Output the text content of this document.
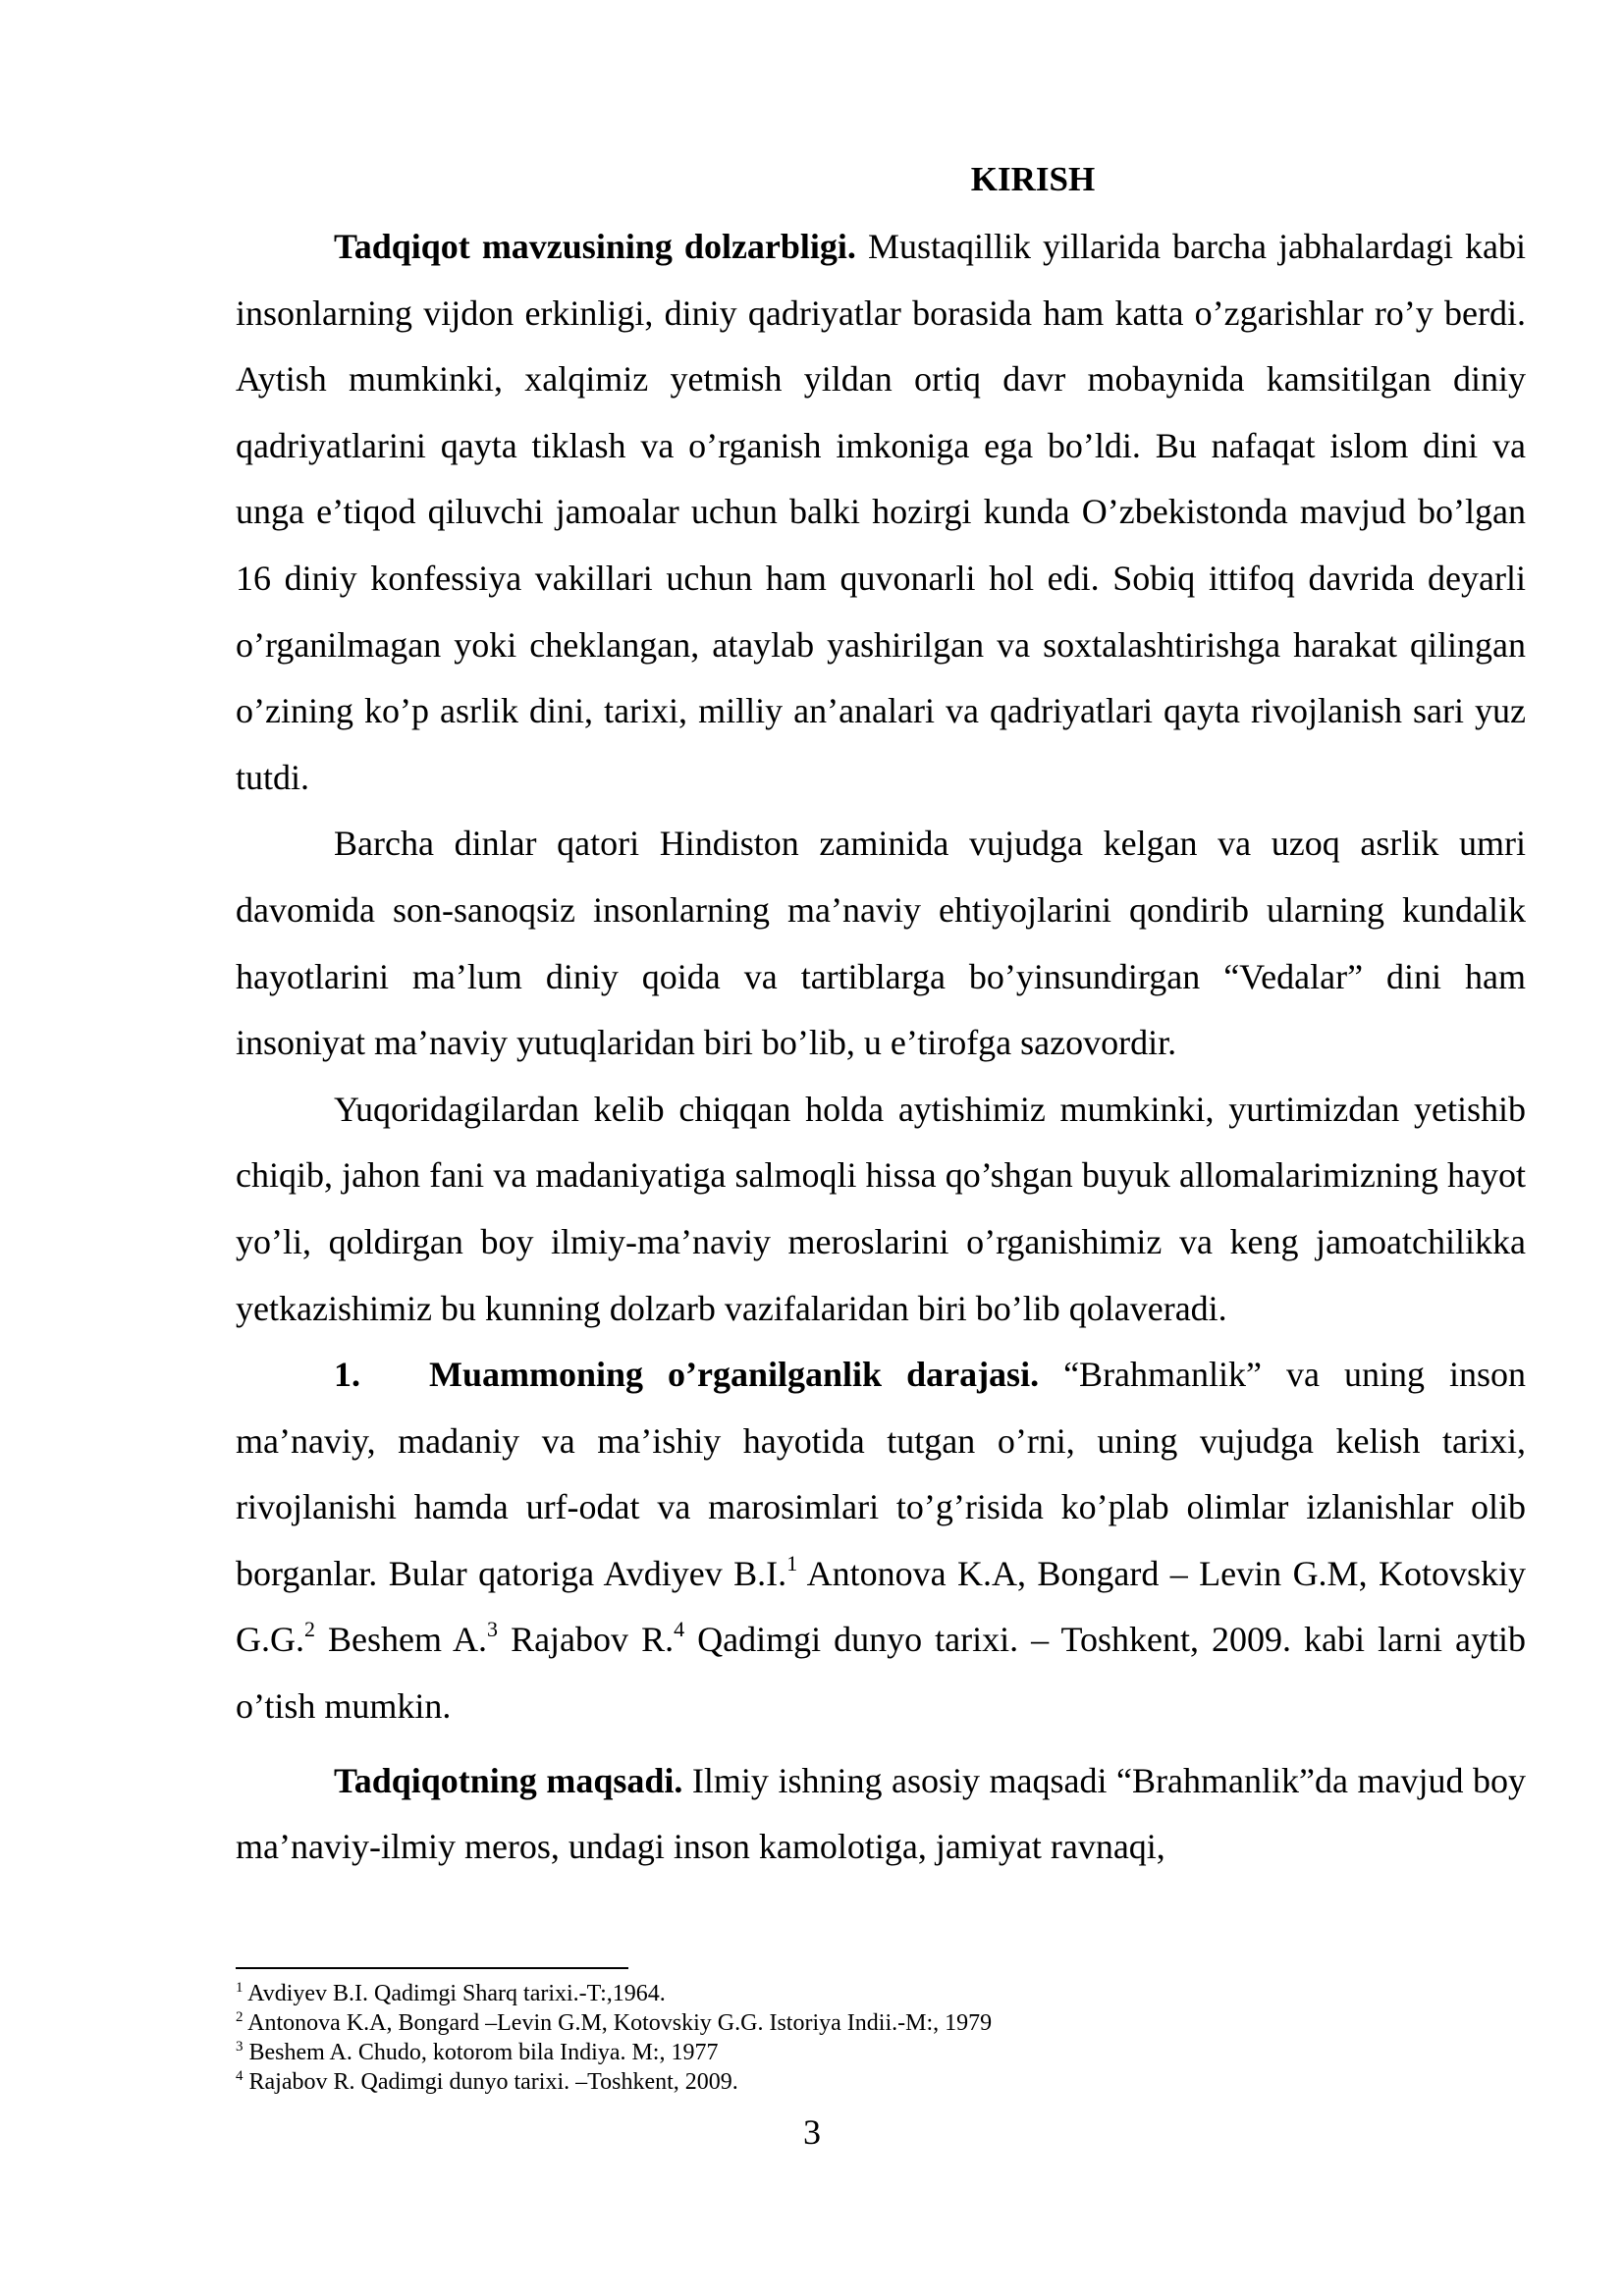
KIRISH

Tadqiqot mavzusining dolzarbligi. Mustaqillik yillarida barcha jabhalardagi kabi insonlarning vijdon erkinligi, diniy qadriyatlar borasida ham katta o’zgarishlar ro’y berdi. Aytish mumkinki, xalqimiz yetmish yildan ortiq davr mobaynida kamsitilgan diniy qadriyatlarini qayta tiklash va o’rganish imkoniga ega bo’ldi. Bu nafaqat islom dini va unga e’tiqod qiluvchi jamoalar uchun balki hozirgi kunda O’zbekistonda mavjud bo’lgan 16 diniy konfessiya vakillari uchun ham quvonarli hol edi. Sobiq ittifoq davrida deyarli o’rganilmagan yoki cheklangan, ataylab yashirilgan va soxtalashtirishga harakat qilingan o’zining ko’p asrlik dini, tarixi, milliy an’analari va qadriyatlari qayta rivojlanish sari yuz tutdi.

Barcha dinlar qatori Hindiston zaminida vujudga kelgan va uzoq asrlik umri davomida son-sanoqsiz insonlarning ma’naviy ehtiyojlarini qondirib ularning kundalik hayotlarini ma’lum diniy qoida va tartiblarga bo’yinsundirgan “Vedalar” dini ham insoniyat ma’naviy yutuqlaridan biri bo’lib, u e’tirofga sazovordir.

Yuqoridagilardan kelib chiqqan holda aytishimiz mumkinki, yurtimizdan yetishib chiqib, jahon fani va madaniyatiga salmoqli hissa qo’shgan buyuk allomalarimizning hayot yo’li, qoldirgan boy ilmiy-ma’naviy meroslarini o’rganishimiz va keng jamoatchilikka yetkazishimiz bu kunning dolzarb vazifalaridan biri bo’lib qolaveradi.

1. Muammoning o’rganilganlik darajasi. “Brahmanlik” va uning inson ma’naviy, madaniy va ma’ishiy hayotida tutgan o’rni, uning vujudga kelish tarixi, rivojlanishi hamda urf-odat va marosimlari to’g’risida ko’plab olimlar izlanishlar olib borganlar. Bular qatoriga Avdiyev B.I.$^1$ Antonova K.A, Bongard – Levin G.M, Kotovskiy G.G.$^2$ Beshem A.$^3$ Rajabov R.$^4$ Qadimgi dunyo tarixi. – Toshkent, 2009. kabi larni aytib o’tish mumkin.

Tadqiqotning maqsadi. Ilmiy ishning asosiy maqsadi “Brahmanlik”da mavjud boy ma’naviy-ilmiy meros, undagi inson kamolotiga, jamiyat ravnaqi,

$^1$ Avdiyev B.I. Qadimgi Sharq tarixi.-T:,1964.
$^2$ Antonova K.A, Bongard –Levin G.M, Kotovskiy G.G. Istoriya Indii.-M:, 1979
$^3$ Beshem A. Chudo, kotorom bila Indiya. M:, 1977
$^4$ Rajabov R. Qadimgi dunyo tarixi. –Toshkent, 2009.
3
